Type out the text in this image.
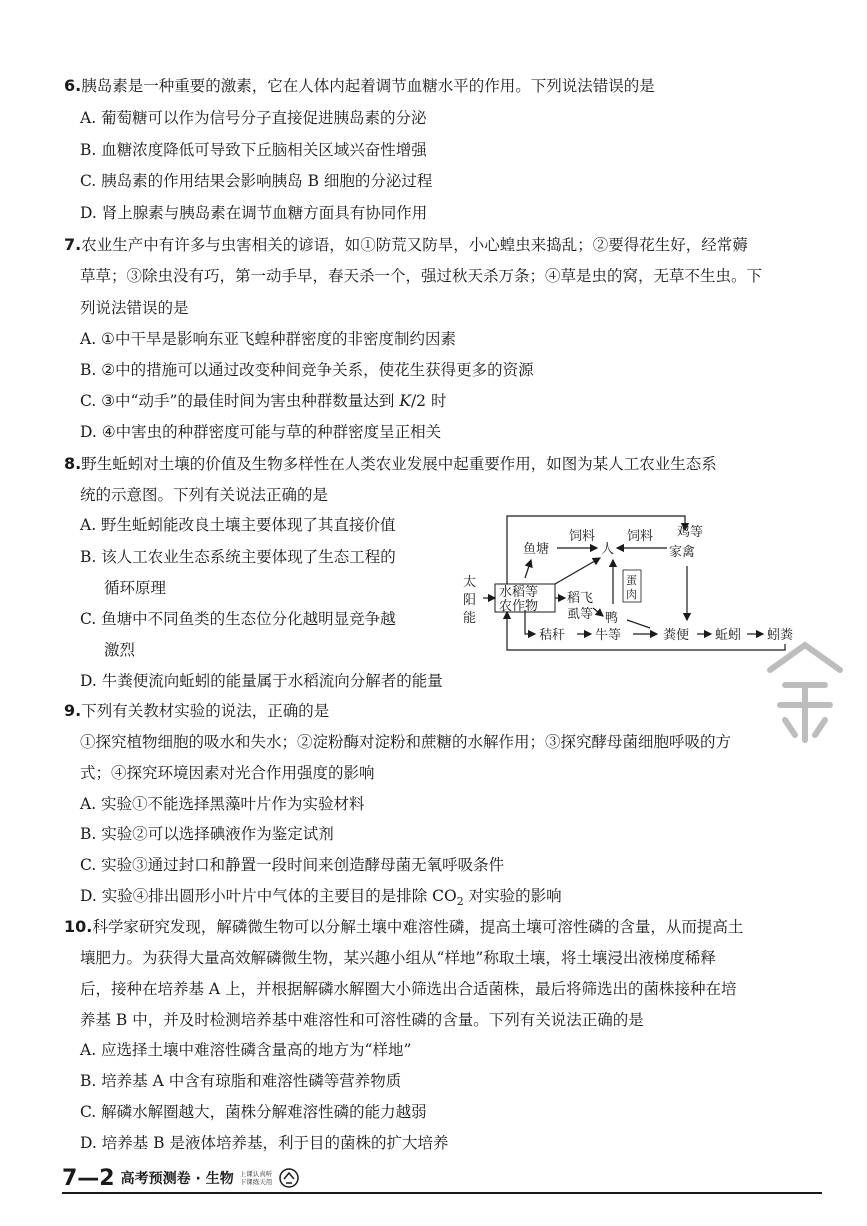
6.胰岛素是一种重要的激素，它在人体内起着调节血糖水平的作用。下列说法错误的是
A. 葡萄糖可以作为信号分子直接促进胰岛素的分泌
B. 血糖浓度降低可导致下丘脑相关区域兴奋性增强
C. 胰岛素的作用结果会影响胰岛 B 细胞的分泌过程
D. 肾上腺素与胰岛素在调节血糖方面具有协同作用
7.农业生产中有许多与虫害相关的谚语，如①防荒又防旱，小心蝗虫来捣乱；②要得花生好，经常薅
草草；③除虫没有巧，第一动手早，春天杀一个，强过秋天杀万条；④草是虫的窝，无草不生虫。下
列说法错误的是
A. ①中干旱是影响东亚飞蝗种群密度的非密度制约因素
B. ②中的措施可以通过改变种间竞争关系，使花生获得更多的资源
C. ③中“动手”的最佳时间为害虫种群数量达到 K/2 时
D. ④中害虫的种群密度可能与草的种群密度呈正相关
8.野生蚯蚓对土壤的价值及生物多样性在人类农业发展中起重要作用，如图为某人工农业生态系
统的示意图。下列有关说法正确的是
A. 野生蚯蚓能改良土壤主要体现了其直接价值
B. 该人工农业生态系统主要体现了生态工程的
循环原理
C. 鱼塘中不同鱼类的生态位分化越明显竞争越
激烈
D. 牛粪便流向蚯蚓的能量属于水稻流向分解者的能量
太
阳
能
鱼塘	人
饲料 饲料 鸡等
家禽
水稻等
农作物
稻飞
虱等 鸭
蛋
肉
秸秆 牛等	粪便 蚯蚓 蚓粪
9.下列有关教材实验的说法，正确的是
①探究植物细胞的吸水和失水；②淀粉酶对淀粉和蔗糖的水解作用；③探究酵母菌细胞呼吸的方
式；④探究环境因素对光合作用强度的影响
A. 实验①不能选择黑藻叶片作为实验材料
B. 实验②可以选择碘液作为鉴定试剂
C. 实验③通过封口和静置一段时间来创造酵母菌无氧呼吸条件
D. 实验④排出圆形小叶片中气体的主要目的是排除 $CO_2$ 对实验的影响
10.科学家研究发现，解磷微生物可以分解土壤中难溶性磷，提高土壤可溶性磷的含量，从而提高土
壤肥力。为获得大量高效解磷微生物，某兴趣小组从“样地”称取土壤，将土壤浸出液梯度稀释
后，接种在培养基 A 上，并根据解磷水解圈大小筛选出合适菌株，最后将筛选出的菌株接种在培
养基 B 中，并及时检测培养基中难溶性和可溶性磷的含量。下列有关说法正确的是
A. 应选择土壤中难溶性磷含量高的地方为“样地”
B. 培养基 A 中含有琼脂和难溶性磷等营养物质
C. 解磷水解圈越大，菌株分解难溶性磷的能力越弱
D. 培养基 B 是液体培养基，利于目的菌株的扩大培养
7—2 高考预测卷 · 生物 上课认真听
下课练天用
